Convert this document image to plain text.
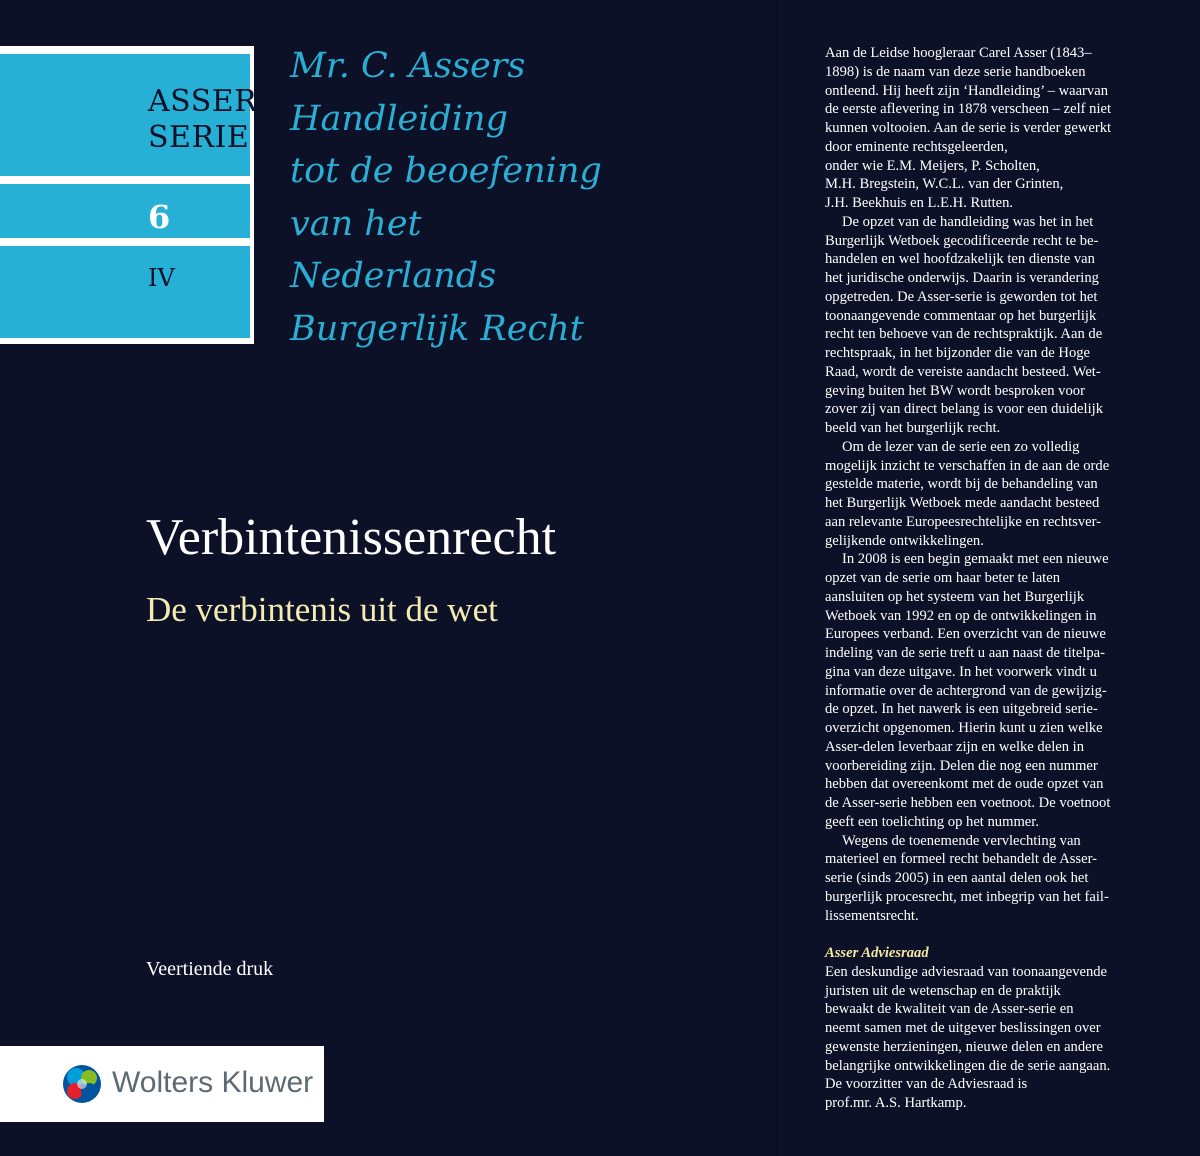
ASSER
SERIE
6
IV
Mr. C. Assers
Handleiding
tot de beoefening
van het
Nederlands
Burgerlijk Recht
Verbintenissenrecht
De verbintenis uit de wet
Veertiende druk
Wolters Kluwer
Aan de Leidse hoogleraar Carel Asser (1843–
1898) is de naam van deze serie handboeken
ontleend. Hij heeft zijn ‘Handleiding’ – waarvan
de eerste aflevering in 1878 verscheen – zelf niet
kunnen voltooien. Aan de serie is verder gewerkt
door eminente rechtsgeleerden,
onder wie E.M. Meijers, P. Scholten,
M.H. Bregstein, W.C.L. van der Grinten,
J.H. Beekhuis en L.E.H. Rutten.
De opzet van de handleiding was het in het
Burgerlijk Wetboek gecodificeerde recht te be-
handelen en wel hoofdzakelijk ten dienste van
het juridische onderwijs. Daarin is verandering
opgetreden. De Asser-serie is geworden tot het
toonaangevende commentaar op het burgerlijk
recht ten behoeve van de rechtspraktijk. Aan de
rechtspraak, in het bijzonder die van de Hoge
Raad, wordt de vereiste aandacht besteed. Wet-
geving buiten het BW wordt besproken voor
zover zij van direct belang is voor een duidelijk
beeld van het burgerlijk recht.
Om de lezer van de serie een zo volledig
mogelijk inzicht te verschaffen in de aan de orde
gestelde materie, wordt bij de behandeling van
het Burgerlijk Wetboek mede aandacht besteed
aan relevante Europeesrechtelijke en rechtsver-
gelijkende ontwikkelingen.
In 2008 is een begin gemaakt met een nieuwe
opzet van de serie om haar beter te laten
aansluiten op het systeem van het Burgerlijk
Wetboek van 1992 en op de ontwikkelingen in
Europees verband. Een overzicht van de nieuwe
indeling van de serie treft u aan naast de titelpa-
gina van deze uitgave. In het voorwerk vindt u
informatie over de achtergrond van de gewijzig-
de opzet. In het nawerk is een uitgebreid serie-
overzicht opgenomen. Hierin kunt u zien welke
Asser-delen leverbaar zijn en welke delen in
voorbereiding zijn. Delen die nog een nummer
hebben dat overeenkomt met de oude opzet van
de Asser-serie hebben een voetnoot. De voetnoot
geeft een toelichting op het nummer.
Wegens de toenemende vervlechting van
materieel en formeel recht behandelt de Asser-
serie (sinds 2005) in een aantal delen ook het
burgerlijk procesrecht, met inbegrip van het fail-
lissementsrecht.
Asser Adviesraad
Een deskundige adviesraad van toonaangevende
juristen uit de wetenschap en de praktijk
bewaakt de kwaliteit van de Asser-serie en
neemt samen met de uitgever beslissingen over
gewenste herzieningen, nieuwe delen en andere
belangrijke ontwikkelingen die de serie aangaan.
De voorzitter van de Adviesraad is
prof.mr. A.S. Hartkamp.
